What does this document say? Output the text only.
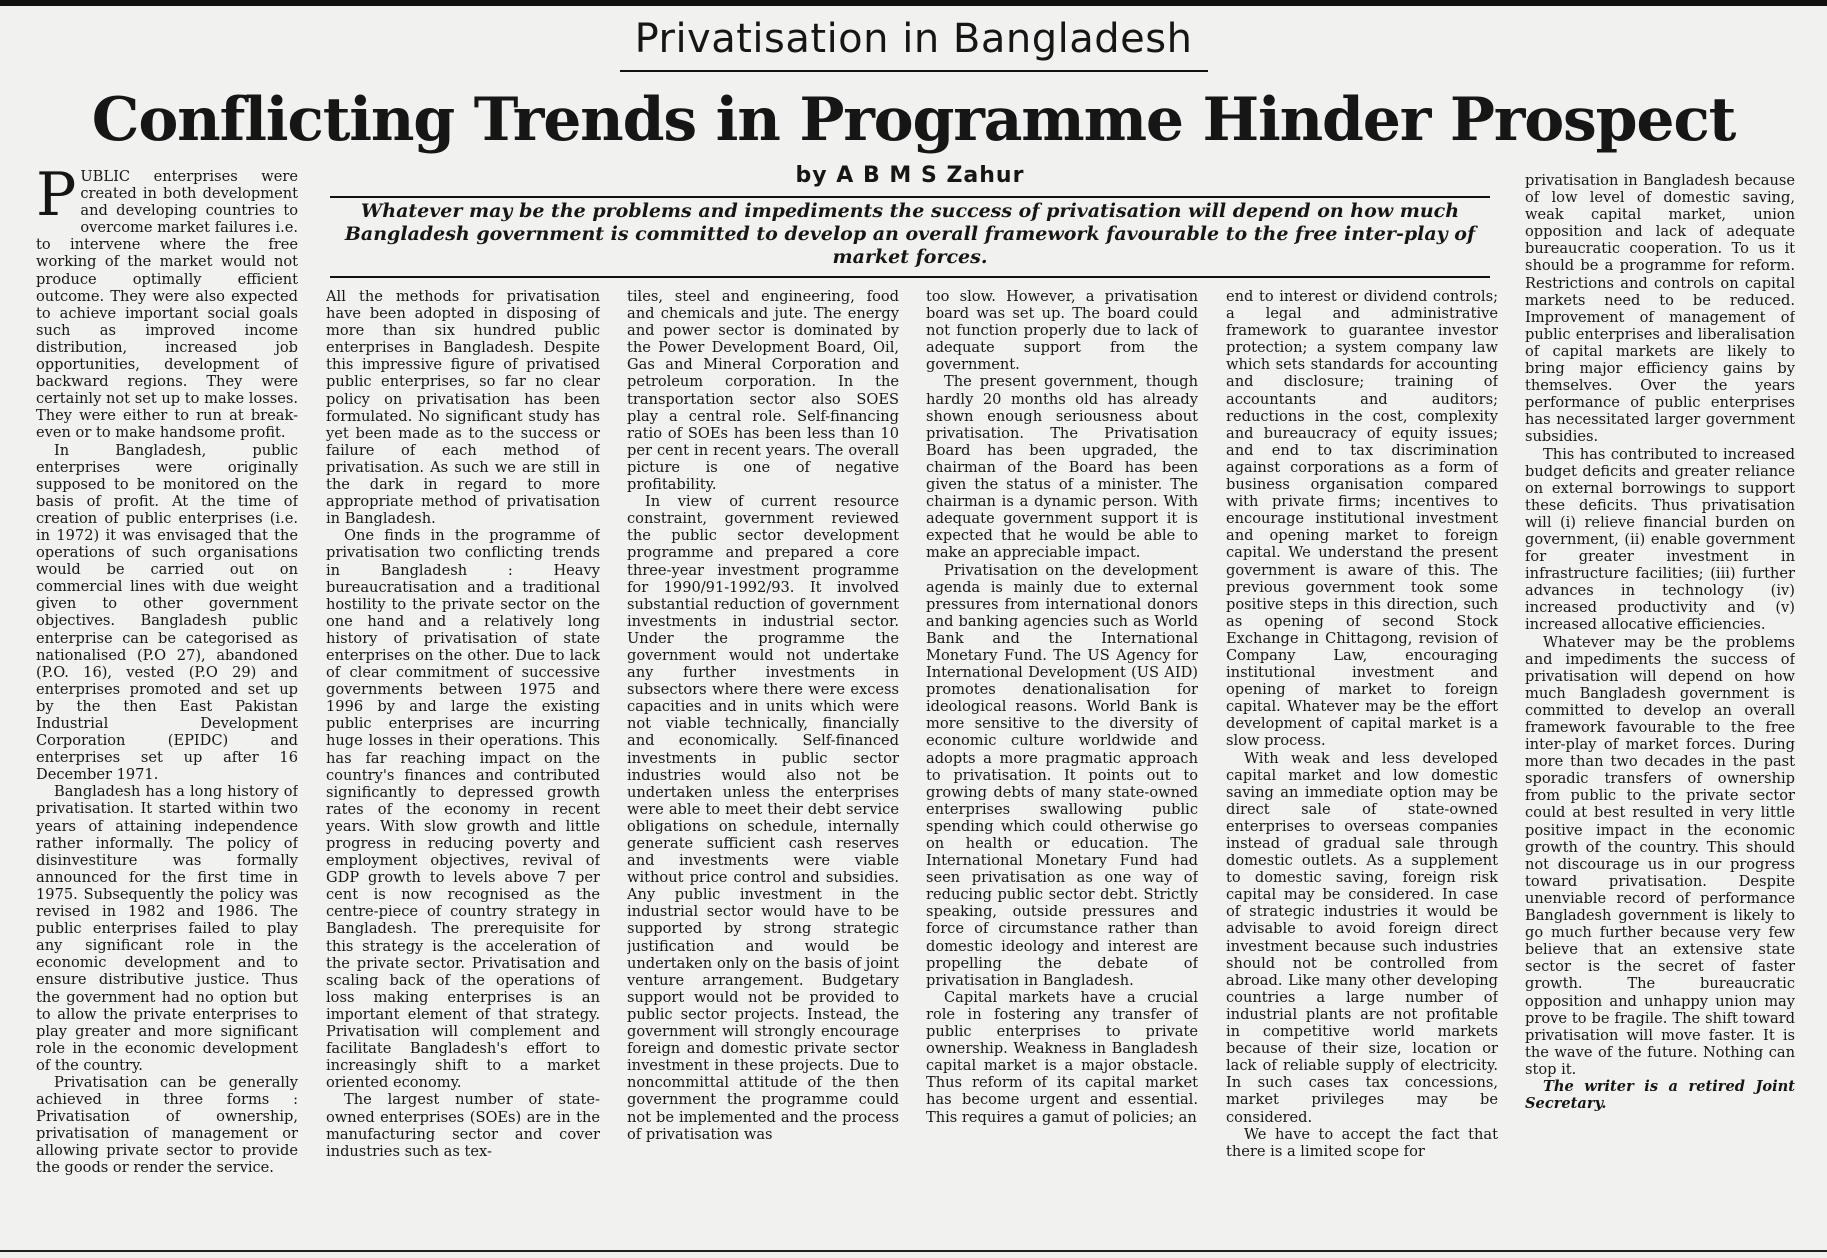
Privatisation in Bangladesh
Conflicting Trends in Programme Hinder Prospect
by A B M S Zahur
Whatever may be the problems and impediments the success of privatisation will depend on how much Bangladesh government is committed to develop an overall framework favourable to the free inter-play of market forces.

PUBLIC enterprises were created in both development and developing countries to overcome market failures i.e. to intervene where the free working of the market would not produce optimally efficient outcome. They were also expected to achieve important social goals such as improved income distribution, increased job opportunities, development of backward regions. They were certainly not set up to make losses. They were either to run at break-even or to make handsome profit.

In Bangladesh, public enterprises were originally supposed to be monitored on the basis of profit. At the time of creation of public enterprises (i.e. in 1972) it was envisaged that the operations of such organisations would be carried out on commercial lines with due weight given to other government objectives. Bangladesh public enterprise can be categorised as nationalised (P.O 27), abandoned (P.O. 16), vested (P.O 29) and enterprises promoted and set up by the then East Pakistan Industrial Development Corporation (EPIDC) and enterprises set up after 16 December 1971.

Bangladesh has a long history of privatisation. It started within two years of attaining independence rather informally. The policy of disinvestiture was formally announced for the first time in 1975. Subsequently the policy was revised in 1982 and 1986. The public enterprises failed to play any significant role in the economic development and to ensure distributive justice. Thus the government had no option but to allow the private enterprises to play greater and more significant role in the economic development of the country.

Privatisation can be generally achieved in three forms : Privatisation of ownership, privatisation of management or allowing private sector to provide the goods or render the service.

All the methods for privatisation have been adopted in disposing of more than six hundred public enterprises in Bangladesh. Despite this impressive figure of privatised public enterprises, so far no clear policy on privatisation has been formulated. No significant study has yet been made as to the success or failure of each method of privatisation. As such we are still in the dark in regard to more appropriate method of privatisation in Bangladesh.

One finds in the programme of privatisation two conflicting trends in Bangladesh : Heavy bureaucratisation and a traditional hostility to the private sector on the one hand and a relatively long history of privatisation of state enterprises on the other. Due to lack of clear commitment of successive governments between 1975 and 1996 by and large the existing public enterprises are incurring huge losses in their operations. This has far reaching impact on the country's finances and contributed significantly to depressed growth rates of the economy in recent years. With slow growth and little progress in reducing poverty and employment objectives, revival of GDP growth to levels above 7 per cent is now recognised as the centre-piece of country strategy in Bangladesh. The prerequisite for this strategy is the acceleration of the private sector. Privatisation and scaling back of the operations of loss making enterprises is an important element of that strategy. Privatisation will complement and facilitate Bangladesh's effort to increasingly shift to a market oriented economy.

The largest number of state-owned enterprises (SOEs) are in the manufacturing sector and cover industries such as tex-

tiles, steel and engineering, food and chemicals and jute. The energy and power sector is dominated by the Power Development Board, Oil, Gas and Mineral Corporation and petroleum corporation. In the transportation sector also SOES play a central role. Self-financing ratio of SOEs has been less than 10 per cent in recent years. The overall picture is one of negative profitability.

In view of current resource constraint, government reviewed the public sector development programme and prepared a core three-year investment programme for 1990/91-1992/93. It involved substantial reduction of government investments in industrial sector. Under the programme the government would not undertake any further investments in subsectors where there were excess capacities and in units which were not viable technically, financially and economically. Self-financed investments in public sector industries would also not be undertaken unless the enterprises were able to meet their debt service obligations on schedule, internally generate sufficient cash reserves and investments were viable without price control and subsidies. Any public investment in the industrial sector would have to be supported by strong strategic justification and would be undertaken only on the basis of joint venture arrangement. Budgetary support would not be provided to public sector projects. Instead, the government will strongly encourage foreign and domestic private sector investment in these projects. Due to noncommittal attitude of the then government the programme could not be implemented and the process of privatisation was

too slow. However, a privatisation board was set up. The board could not function properly due to lack of adequate support from the government.

The present government, though hardly 20 months old has already shown enough seriousness about privatisation. The Privatisation Board has been upgraded, the chairman of the Board has been given the status of a minister. The chairman is a dynamic person. With adequate government support it is expected that he would be able to make an appreciable impact.

Privatisation on the development agenda is mainly due to external pressures from international donors and banking agencies such as World Bank and the International Monetary Fund. The US Agency for International Development (US AID) promotes denationalisation for ideological reasons. World Bank is more sensitive to the diversity of economic culture worldwide and adopts a more pragmatic approach to privatisation. It points out to growing debts of many state-owned enterprises swallowing public spending which could otherwise go on health or education. The International Monetary Fund had seen privatisation as one way of reducing public sector debt. Strictly speaking, outside pressures and force of circumstance rather than domestic ideology and interest are propelling the debate of privatisation in Bangladesh.

Capital markets have a crucial role in fostering any transfer of public enterprises to private ownership. Weakness in Bangladesh capital market is a major obstacle. Thus reform of its capital market has become urgent and essential. This requires a gamut of policies; an

end to interest or dividend controls; a legal and administrative framework to guarantee investor protection; a system company law which sets standards for accounting and disclosure; training of accountants and auditors; reductions in the cost, complexity and bureaucracy of equity issues; and end to tax discrimination against corporations as a form of business organisation compared with private firms; incentives to encourage institutional investment and opening market to foreign capital. We understand the present government is aware of this. The previous government took some positive steps in this direction, such as opening of second Stock Exchange in Chittagong, revision of Company Law, encouraging institutional investment and opening of market to foreign capital. Whatever may be the effort development of capital market is a slow process.

With weak and less developed capital market and low domestic saving an immediate option may be direct sale of state-owned enterprises to overseas companies instead of gradual sale through domestic outlets. As a supplement to domestic saving, foreign risk capital may be considered. In case of strategic industries it would be advisable to avoid foreign direct investment because such industries should not be controlled from abroad. Like many other developing countries a large number of industrial plants are not profitable in competitive world markets because of their size, location or lack of reliable supply of electricity. In such cases tax concessions, market privileges may be considered.

We have to accept the fact that there is a limited scope for

privatisation in Bangladesh because of low level of domestic saving, weak capital market, union opposition and lack of adequate bureaucratic cooperation. To us it should be a programme for reform. Restrictions and controls on capital markets need to be reduced. Improvement of management of public enterprises and liberalisation of capital markets are likely to bring major efficiency gains by themselves. Over the years performance of public enterprises has necessitated larger government subsidies.

This has contributed to increased budget deficits and greater reliance on external borrowings to support these deficits. Thus privatisation will (i) relieve financial burden on government, (ii) enable government for greater investment in infrastructure facilities; (iii) further advances in technology (iv) increased productivity and (v) increased allocative efficiencies.

Whatever may be the problems and impediments the success of privatisation will depend on how much Bangladesh government is committed to develop an overall framework favourable to the free inter-play of market forces. During more than two decades in the past sporadic transfers of ownership from public to the private sector could at best resulted in very little positive impact in the economic growth of the country. This should not discourage us in our progress toward privatisation. Despite unenviable record of performance Bangladesh government is likely to go much further because very few believe that an extensive state sector is the secret of faster growth. The bureaucratic opposition and unhappy union may prove to be fragile. The shift toward privatisation will move faster. It is the wave of the future. Nothing can stop it.

The writer is a retired Joint Secretary.
